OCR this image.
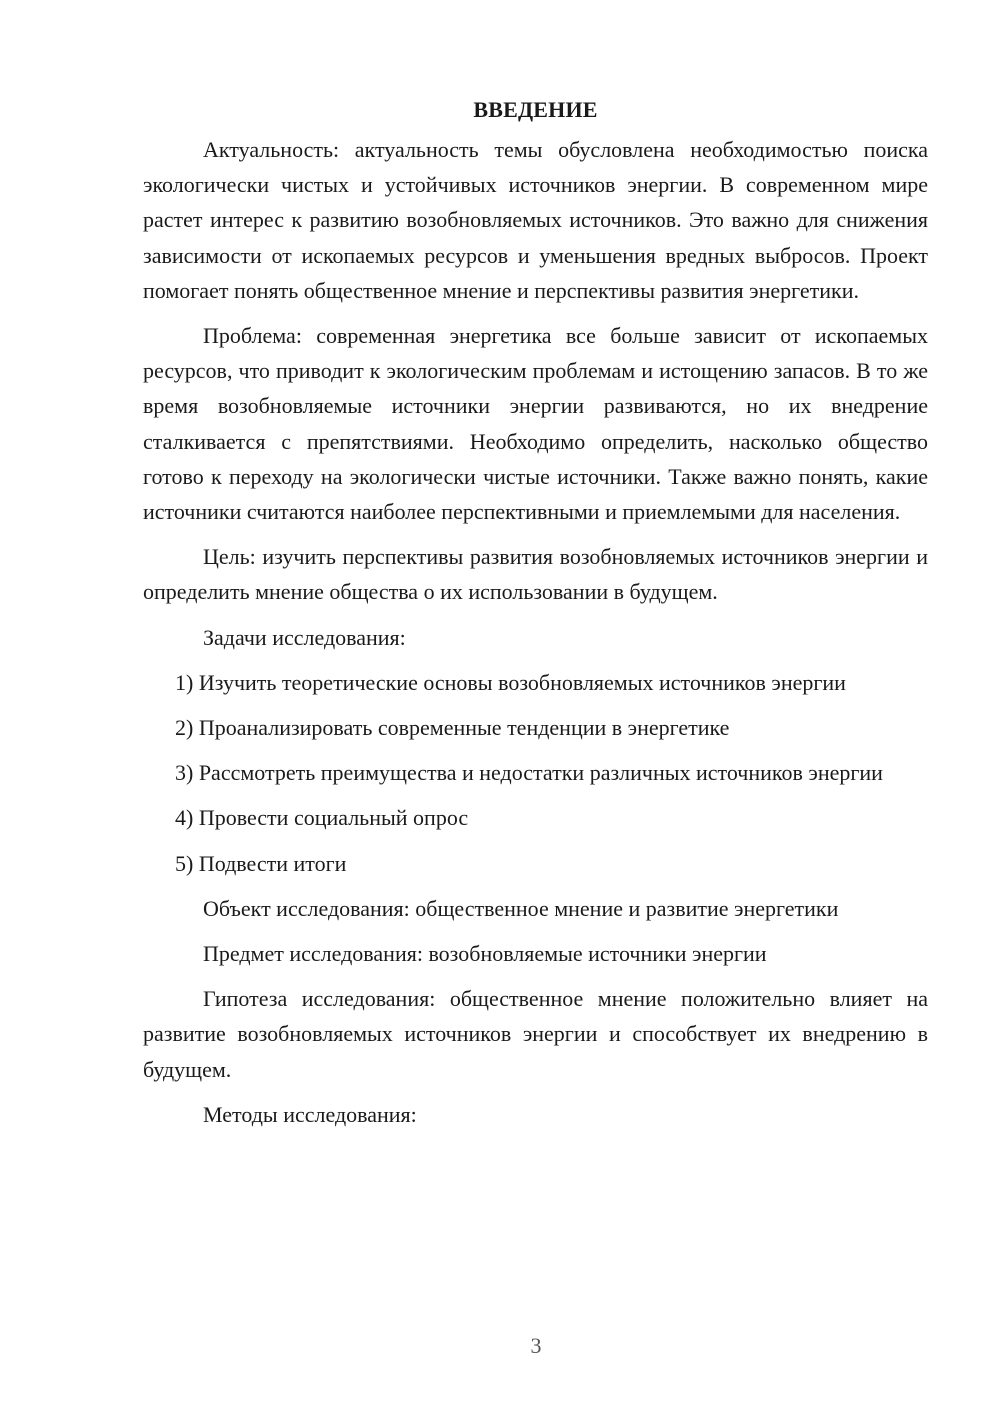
ВВЕДЕНИЕ

Актуальность: актуальность темы обусловлена необходимостью поиска экологически чистых и устойчивых источников энергии. В современном мире растет интерес к развитию возобновляемых источников. Это важно для снижения зависимости от ископаемых ресурсов и уменьшения вредных выбросов. Проект помогает понять общественное мнение и перспективы развития энергетики.

Проблема: современная энергетика все больше зависит от ископаемых ресурсов, что приводит к экологическим проблемам и истощению запасов. В то же время возобновляемые источники энергии развиваются, но их внедрение сталкивается с препятствиями. Необходимо определить, насколько общество готово к переходу на экологически чистые источники. Также важно понять, какие источники считаются наиболее перспективными и приемлемыми для населения.

Цель: изучить перспективы развития возобновляемых источников энергии и определить мнение общества о их использовании в будущем.

Задачи исследования:

1) Изучить теоретические основы возобновляемых источников энергии

2) Проанализировать современные тенденции в энергетике

3) Рассмотреть преимущества и недостатки различных источников энергии

4) Провести социальный опрос

5) Подвести итоги

Объект исследования: общественное мнение и развитие энергетики

Предмет исследования: возобновляемые источники энергии

Гипотеза исследования: общественное мнение положительно влияет на развитие возобновляемых источников энергии и способствует их внедрению в будущем.

Методы исследования:

3
